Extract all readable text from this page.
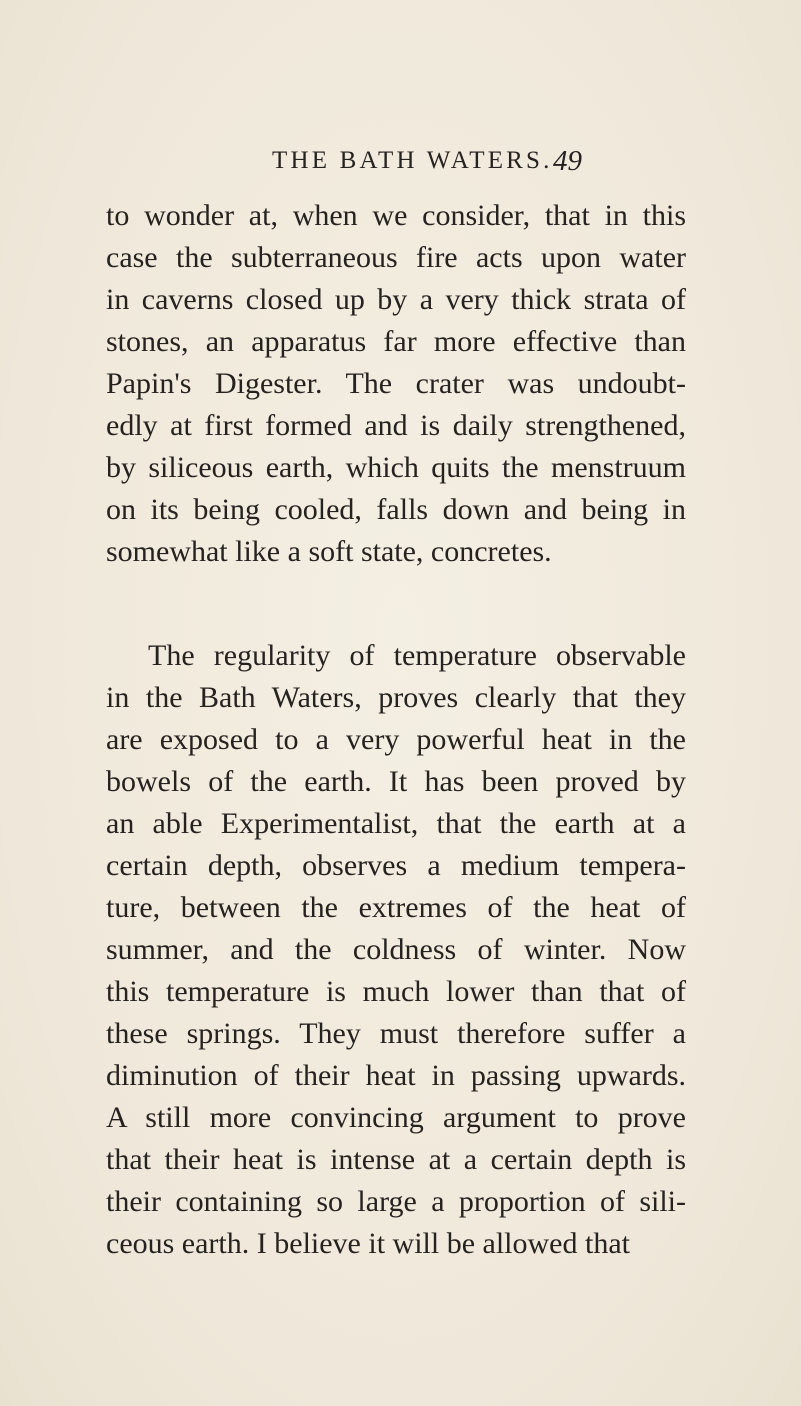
THE BATH WATERS. 49
to wonder at, when we consider, that in this
case the subterraneous fire acts upon water
in caverns closed up by a very thick strata of
stones, an apparatus far more effective than
Papin's Digester. The crater was undoubt-
edly at first formed and is daily strengthened,
by siliceous earth, which quits the menstruum
on its being cooled, falls down and being in
somewhat like a soft state, concretes.
The regularity of temperature observable
in the Bath Waters, proves clearly that they
are exposed to a very powerful heat in the
bowels of the earth. It has been proved by
an able Experimentalist, that the earth at a
certain depth, observes a medium tempera-
ture, between the extremes of the heat of
summer, and the coldness of winter. Now
this temperature is much lower than that of
these springs. They must therefore suffer a
diminution of their heat in passing upwards.
A still more convincing argument to prove
that their heat is intense at a certain depth is
their containing so large a proportion of sili-
ceous earth. I believe it will be allowed that
